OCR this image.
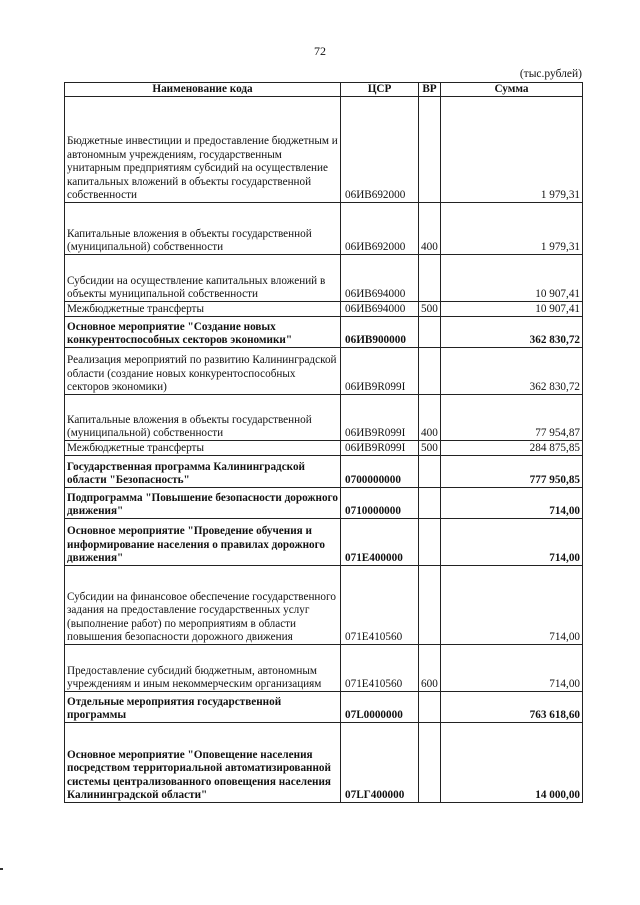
72
(тыс.рублей)
Наименование кода	ЦСР	ВР	Сумма
Бюджетные инвестиции и предоставление бюджетным и автономным учреждениям, государственным унитарным предприятиям субсидий на осуществление капитальных вложений в объекты государственной собственности	06ИВ692000		1 979,31
Капитальные вложения в объекты государственной (муниципальной) собственности	06ИВ692000	400	1 979,31
Субсидии на осуществление капитальных вложений в объекты муниципальной собственности	06ИВ694000		10 907,41
Межбюджетные трансферты	06ИВ694000	500	10 907,41
Основное мероприятие "Создание новых конкурентоспособных секторов экономики"	06ИВ900000		362 830,72
Реализация мероприятий по развитию Калининградской области (создание новых конкурентоспособных секторов экономики)	06ИВ9R099I		362 830,72
Капитальные вложения в объекты государственной (муниципальной) собственности	06ИВ9R099I	400	77 954,87
Межбюджетные трансферты	06ИВ9R099I	500	284 875,85
Государственная программа Калининградской области "Безопасность"	0700000000		777 950,85
Подпрограмма "Повышение безопасности дорожного движения"	0710000000		714,00
Основное мероприятие "Проведение обучения и информирование населения о правилах дорожного движения"	071Е400000		714,00
Субсидии на финансовое обеспечение государственного задания на предоставление государственных услуг (выполнение работ) по мероприятиям в области повышения безопасности дорожного движения	071Е410560		714,00
Предоставление субсидий бюджетным, автономным учреждениям и иным некоммерческим организациям	071Е410560	600	714,00
Отдельные мероприятия государственной программы	07L0000000		763 618,60
Основное мероприятие "Оповещение населения посредством территориальной автоматизированной системы централизованного оповещения населения Калининградской области"	07LГ400000		14 000,00
